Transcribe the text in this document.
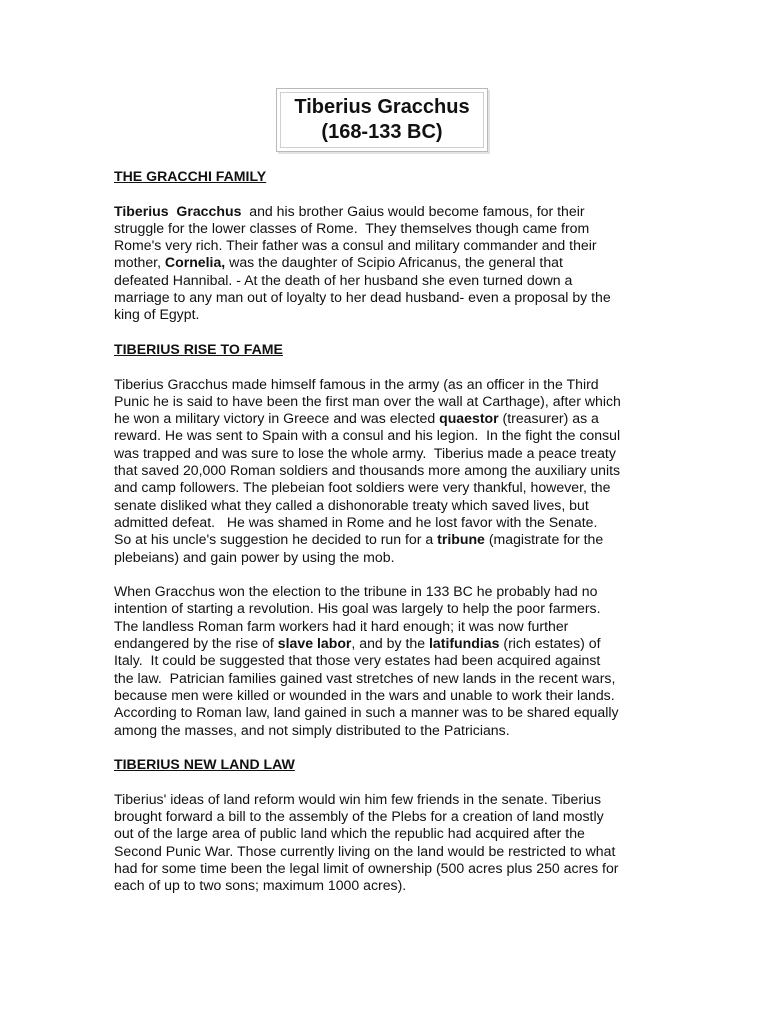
Tiberius Gracchus
(168-133 BC)
THE GRACCHI FAMILY
Tiberius  Gracchus  and his brother Gaius would become famous, for their
struggle for the lower classes of Rome.  They themselves though came from
Rome's very rich. Their father was a consul and military commander and their
mother, Cornelia, was the daughter of Scipio Africanus, the general that
defeated Hannibal. - At the death of her husband she even turned down a
marriage to any man out of loyalty to her dead husband- even a proposal by the
king of Egypt.
TIBERIUS RISE TO FAME
Tiberius Gracchus made himself famous in the army (as an officer in the Third
Punic he is said to have been the first man over the wall at Carthage), after which
he won a military victory in Greece and was elected quaestor (treasurer) as a
reward. He was sent to Spain with a consul and his legion.  In the fight the consul
was trapped and was sure to lose the whole army.  Tiberius made a peace treaty
that saved 20,000 Roman soldiers and thousands more among the auxiliary units
and camp followers. The plebeian foot soldiers were very thankful, however, the
senate disliked what they called a dishonorable treaty which saved lives, but
admitted defeat.   He was shamed in Rome and he lost favor with the Senate.
So at his uncle's suggestion he decided to run for a tribune (magistrate for the
plebeians) and gain power by using the mob.
When Gracchus won the election to the tribune in 133 BC he probably had no
intention of starting a revolution. His goal was largely to help the poor farmers.
The landless Roman farm workers had it hard enough; it was now further
endangered by the rise of slave labor, and by the latifundias (rich estates) of
Italy.  It could be suggested that those very estates had been acquired against
the law.  Patrician families gained vast stretches of new lands in the recent wars,
because men were killed or wounded in the wars and unable to work their lands.
According to Roman law, land gained in such a manner was to be shared equally
among the masses, and not simply distributed to the Patricians.
TIBERIUS NEW LAND LAW
Tiberius' ideas of land reform would win him few friends in the senate. Tiberius
brought forward a bill to the assembly of the Plebs for a creation of land mostly
out of the large area of public land which the republic had acquired after the
Second Punic War. Those currently living on the land would be restricted to what
had for some time been the legal limit of ownership (500 acres plus 250 acres for
each of up to two sons; maximum 1000 acres).
